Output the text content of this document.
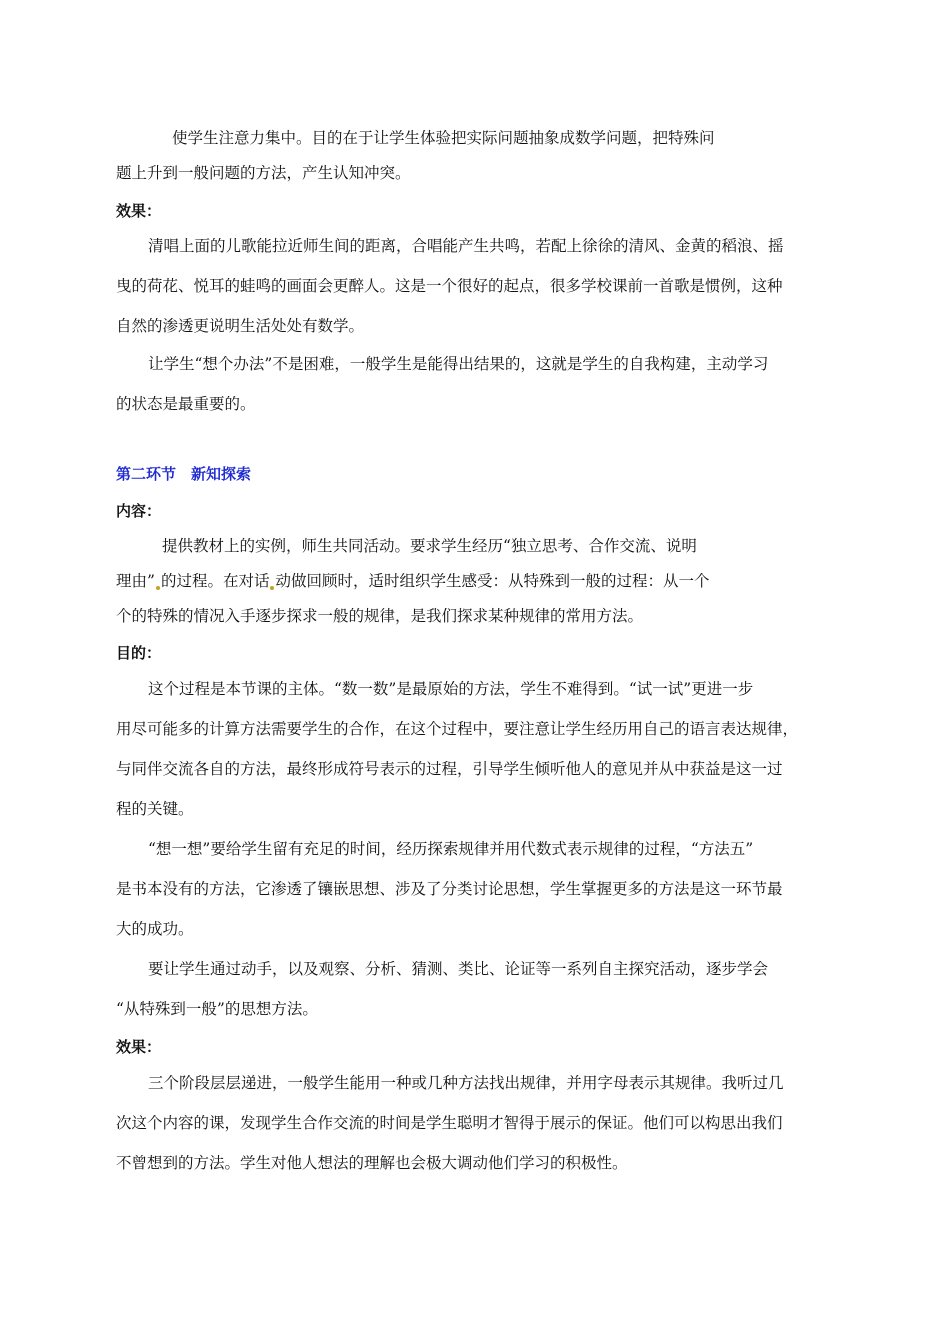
使学生注意力集中。目的在于让学生体验把实际问题抽象成数学问题，把特殊问
题上升到一般问题的方法，产生认知冲突。
效果：
清唱上面的儿歌能拉近师生间的距离，合唱能产生共鸣，若配上徐徐的清风、金黄的稻浪、摇
曳的荷花、悦耳的蛙鸣的画面会更醉人。这是一个很好的起点，很多学校课前一首歌是惯例，这种
自然的渗透更说明生活处处有数学。
让学生“想个办法”不是困难，一般学生是能得出结果的，这就是学生的自我构建，主动学习
的状态是最重要的。
第二环节　新知探索
内容：
提供教材上的实例，师生共同活动。要求学生经历“独立思考、合作交流、说明
理由” 的过程。在对话 动做回顾时，适时组织学生感受：从特殊到一般的过程：从一个
个的特殊的情况入手逐步探求一般的规律，是我们探求某种规律的常用方法。
目的：
这个过程是本节课的主体。“数一数”是最原始的方法，学生不难得到。“试一试”更进一步
用尽可能多的计算方法需要学生的合作，在这个过程中，要注意让学生经历用自己的语言表达规律，
与同伴交流各自的方法，最终形成符号表示的过程，引导学生倾听他人的意见并从中获益是这一过
程的关键。
“想一想”要给学生留有充足的时间，经历探索规律并用代数式表示规律的过程，“方法五”
是书本没有的方法，它渗透了镶嵌思想、涉及了分类讨论思想，学生掌握更多的方法是这一环节最
大的成功。
要让学生通过动手，以及观察、分析、猜测、类比、论证等一系列自主探究活动，逐步学会
“从特殊到一般”的思想方法。
效果：
三个阶段层层递进，一般学生能用一种或几种方法找出规律，并用字母表示其规律。我听过几
次这个内容的课，发现学生合作交流的时间是学生聪明才智得于展示的保证。他们可以构思出我们
不曾想到的方法。学生对他人想法的理解也会极大调动他们学习的积极性。
